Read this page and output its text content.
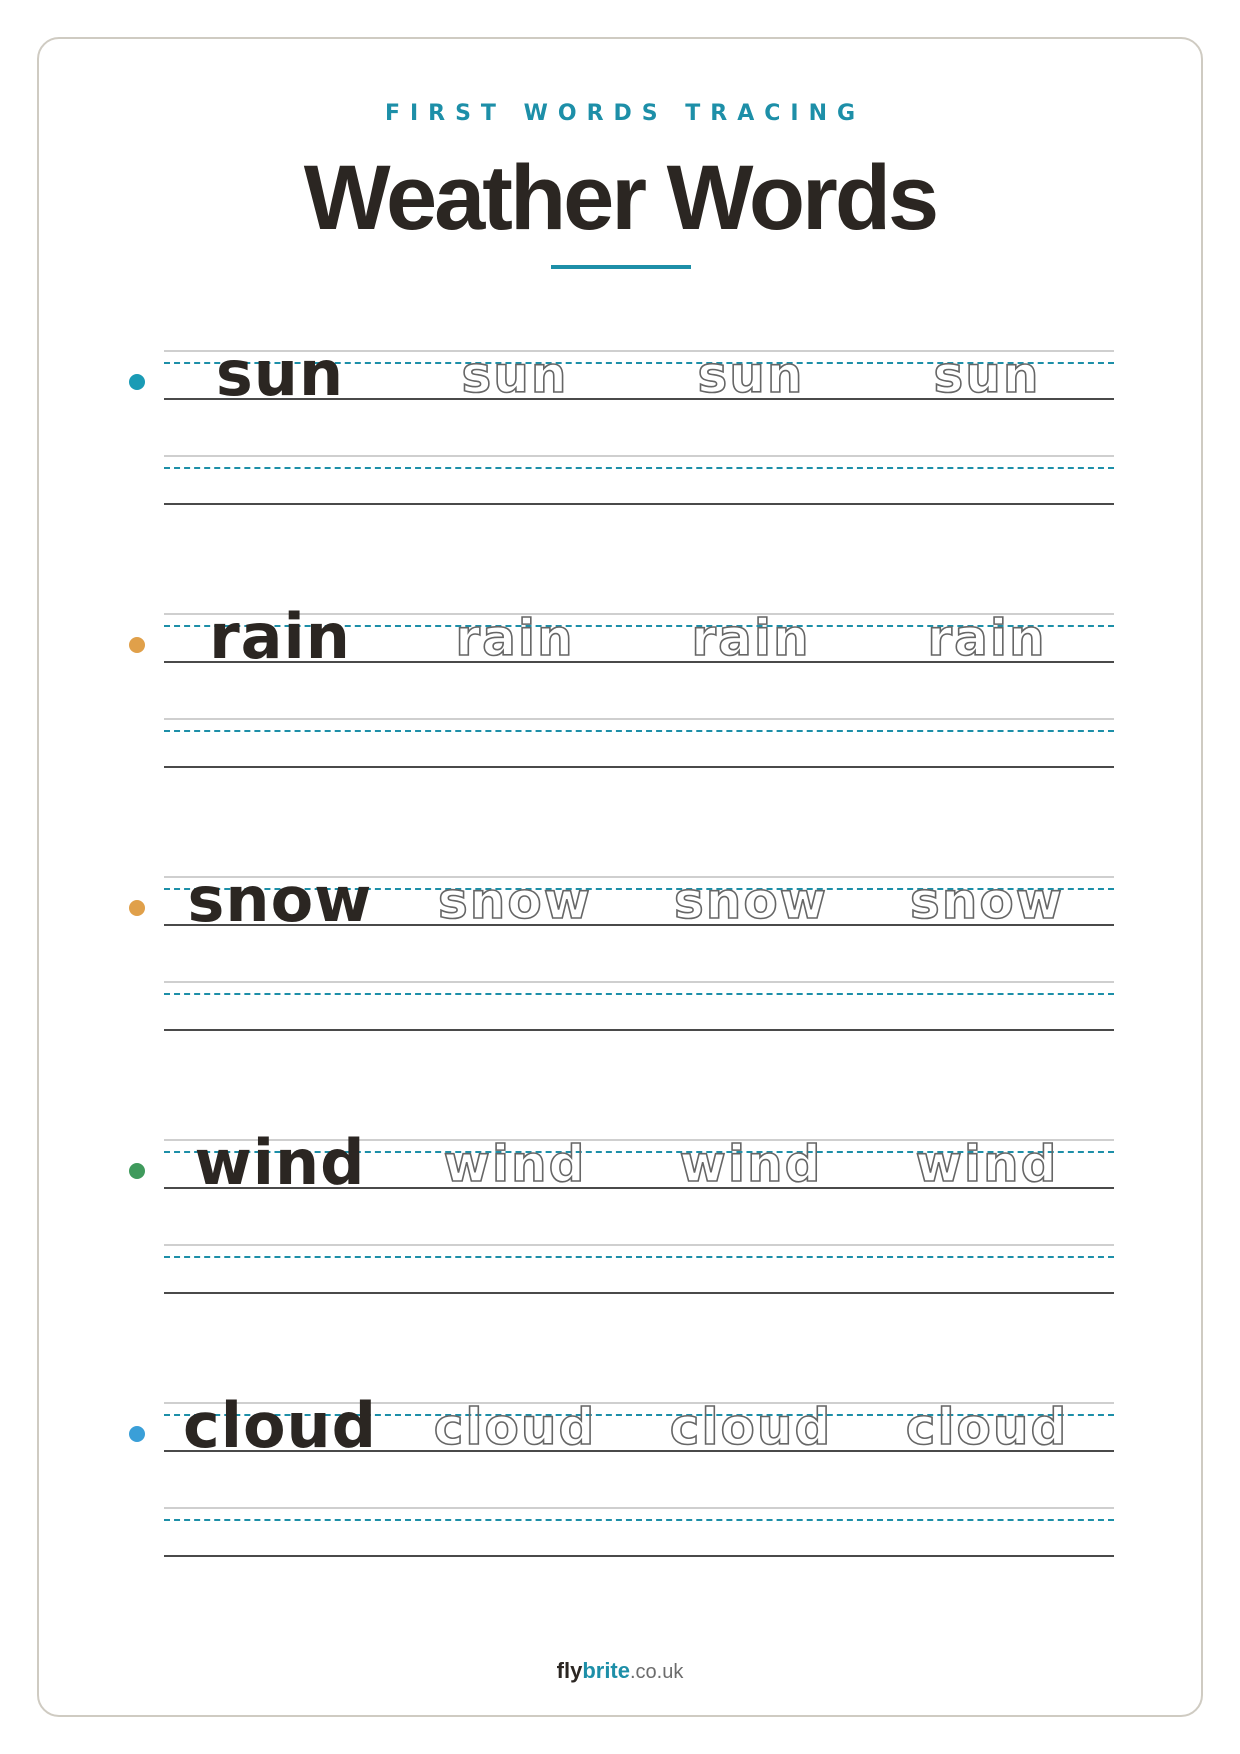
FIRST WORDS TRACING
Weather Words
sun	sun	sun	sun
rain	rain	rain	rain
snow	snow	snow	snow
wind	wind	wind	wind
cloud	cloud	cloud	cloud
flybrite.co.uk
